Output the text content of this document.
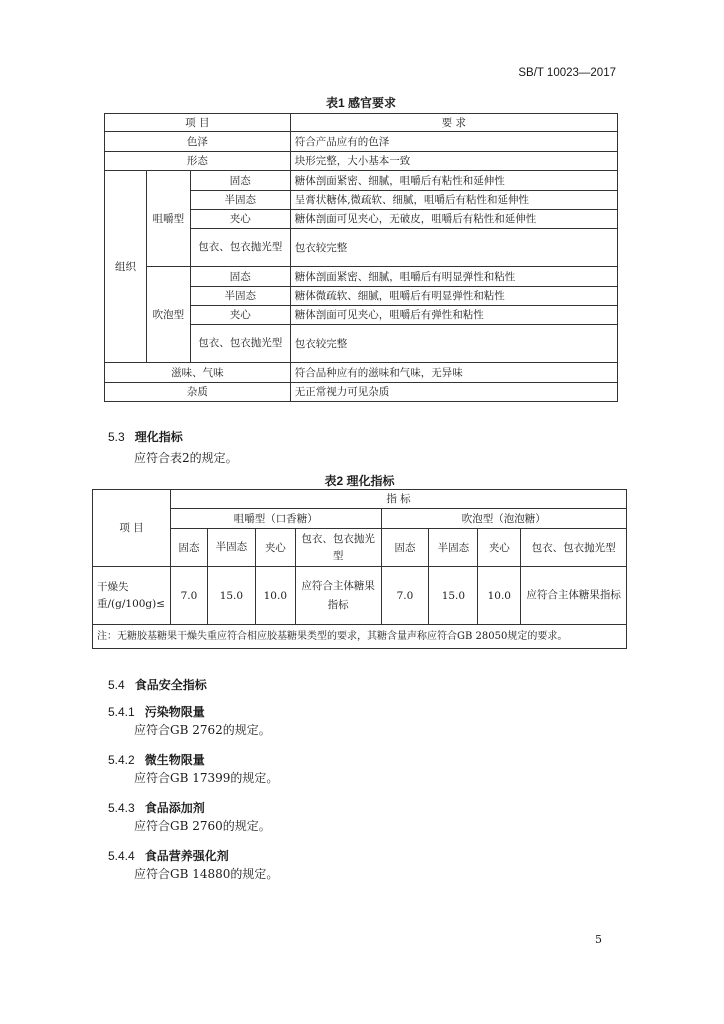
SB/T 10023—2017
表1 感官要求
项 目			要 求
色泽			符合产品应有的色泽
形态			块形完整，大小基本一致
组织	咀嚼型	固态	糖体剖面紧密、细腻，咀嚼后有粘性和延伸性
		半固态	呈膏状糖体,微疏软、细腻，咀嚼后有粘性和延伸性
		夹心	糖体剖面可见夹心，无破皮，咀嚼后有粘性和延伸性
		包衣、包衣抛光型	包衣较完整
	吹泡型	固态	糖体剖面紧密、细腻，咀嚼后有明显弹性和粘性
		半固态	糖体微疏软、细腻，咀嚼后有明显弹性和粘性
		夹心	糖体剖面可见夹心，咀嚼后有弹性和粘性
		包衣、包衣抛光型	包衣较完整
滋味、气味			符合品种应有的滋味和气味，无异味
杂质			无正常视力可见杂质
5.3 理化指标
应符合表2的规定。
表2 理化指标
项 目	指 标							
	咀嚼型（口香糖）				吹泡型（泡泡糖）			
	固态	半固态	夹心	包衣、包衣抛光型	固态	半固态	夹心	包衣、包衣抛光型
干燥失重/(g/100g)≤	7.0	15.0	10.0	应符合主体糖果指标	7.0	15.0	10.0	应符合主体糖果指标
注：无糖胶基糖果干燥失重应符合相应胶基糖果类型的要求，其糖含量声称应符合GB 28050规定的要求。								
5.4 食品安全指标
5.4.1 污染物限量
应符合GB 2762的规定。
5.4.2 微生物限量
应符合GB 17399的规定。
5.4.3 食品添加剂
应符合GB 2760的规定。
5.4.4 食品营养强化剂
应符合GB 14880的规定。
5
